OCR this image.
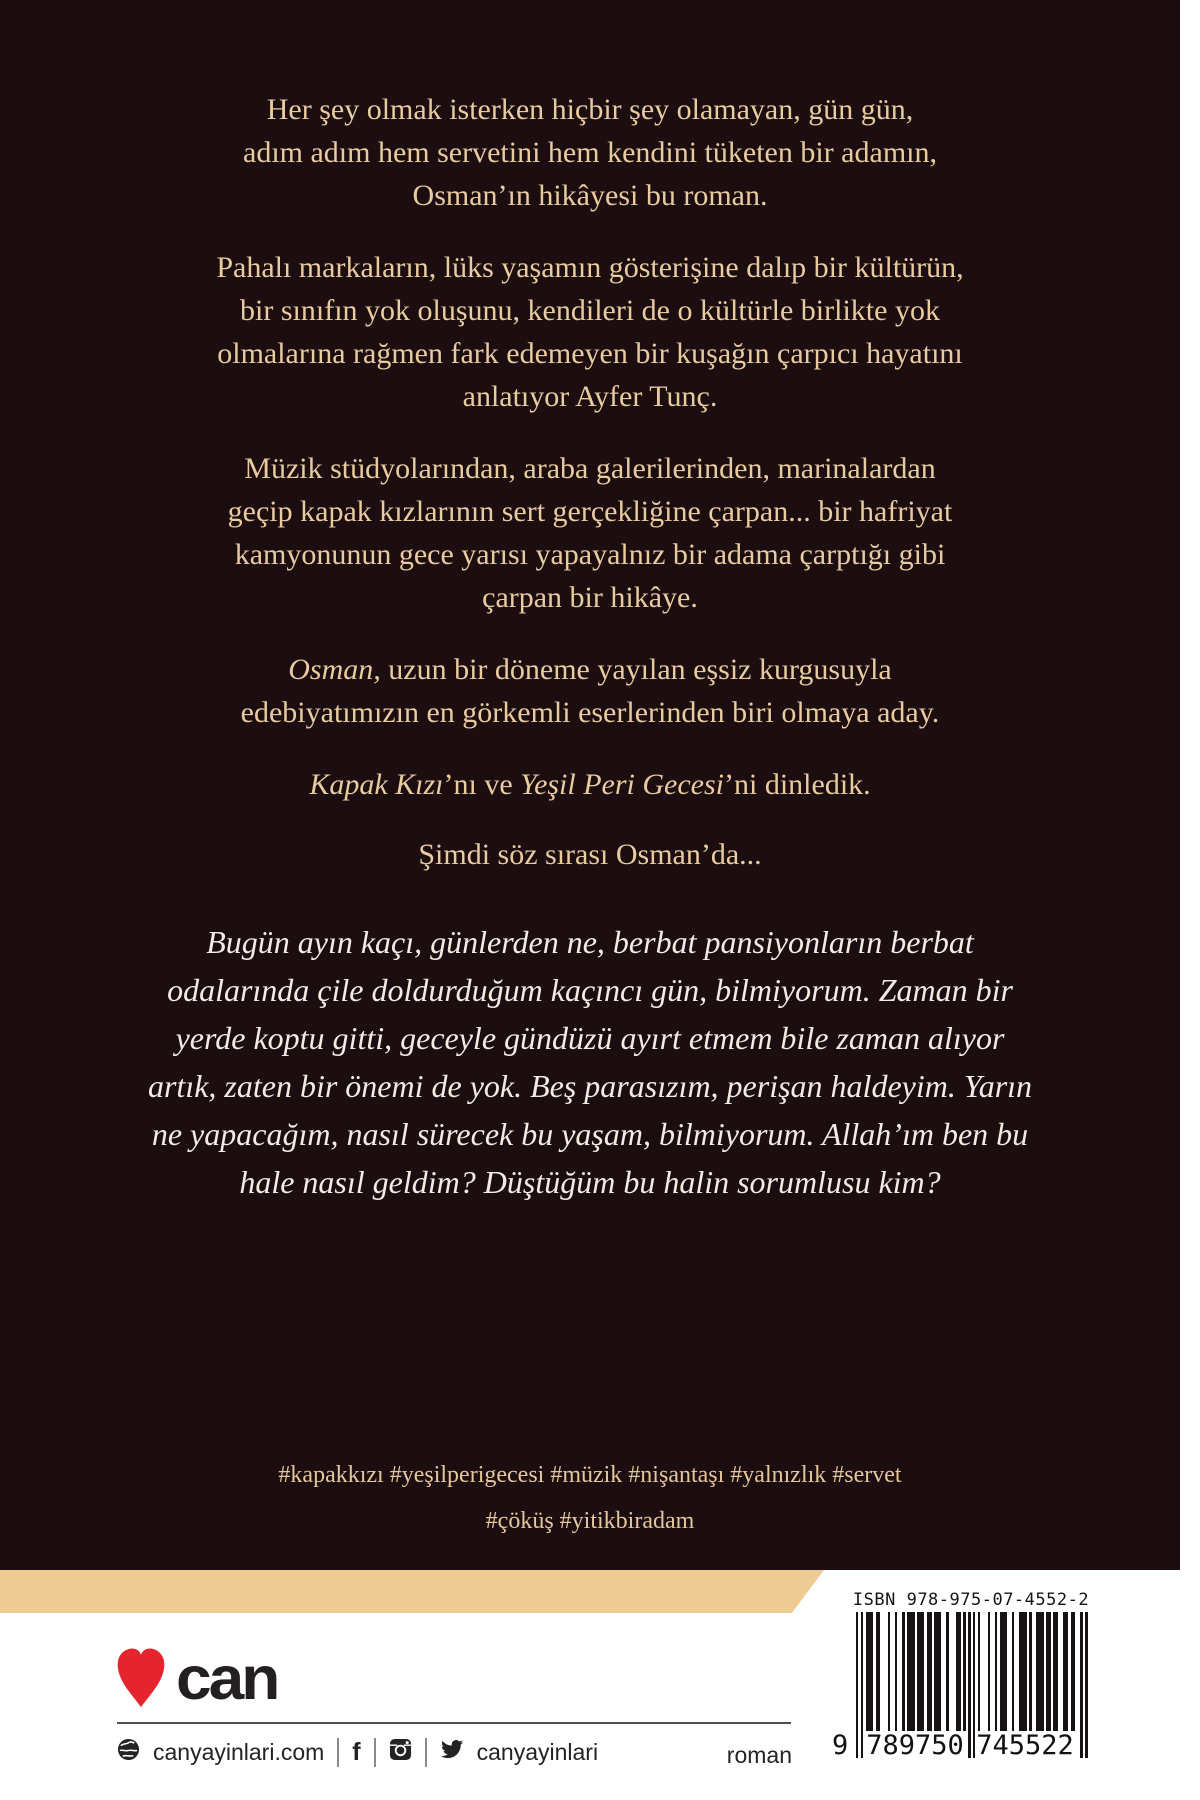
Her şey olmak isterken hiçbir şey olamayan, gün gün,
adım adım hem servetini hem kendini tüketen bir adamın,
Osman’ın hikâyesi bu roman.

Pahalı markaların, lüks yaşamın gösterişine dalıp bir kültürün,
bir sınıfın yok oluşunu, kendileri de o kültürle birlikte yok
olmalarına rağmen fark edemeyen bir kuşağın çarpıcı hayatını
anlatıyor Ayfer Tunç.

Müzik stüdyolarından, araba galerilerinden, marinalardan
geçip kapak kızlarının sert gerçekliğine çarpan... bir hafriyat
kamyonunun gece yarısı yapayalnız bir adama çarptığı gibi
çarpan bir hikâye.

Osman, uzun bir döneme yayılan eşsiz kurgusuyla
edebiyatımızın en görkemli eserlerinden biri olmaya aday.

Kapak Kızı’nı ve Yeşil Peri Gecesi’ni dinledik.

Şimdi söz sırası Osman’da...

Bugün ayın kaçı, günlerden ne, berbat pansiyonların berbat
odalarında çile doldurduğum kaçıncı gün, bilmiyorum. Zaman bir
yerde koptu gitti, geceyle gündüzü ayırt etmem bile zaman alıyor
artık, zaten bir önemi de yok. Beş parasızım, perişan haldeyim. Yarın
ne yapacağım, nasıl sürecek bu yaşam, bilmiyorum. Allah’ım ben bu
hale nasıl geldim? Düştüğüm bu halin sorumlusu kim?
#kapakkızı #yeşilperigecesi #müzik #nişantaşı #yalnızlık #servet
#çöküş #yitikbiradam
ISBN 978-975-07-4552-2
9 789750 745522
can
canyayinlari.com f	canyayinlari	roman
